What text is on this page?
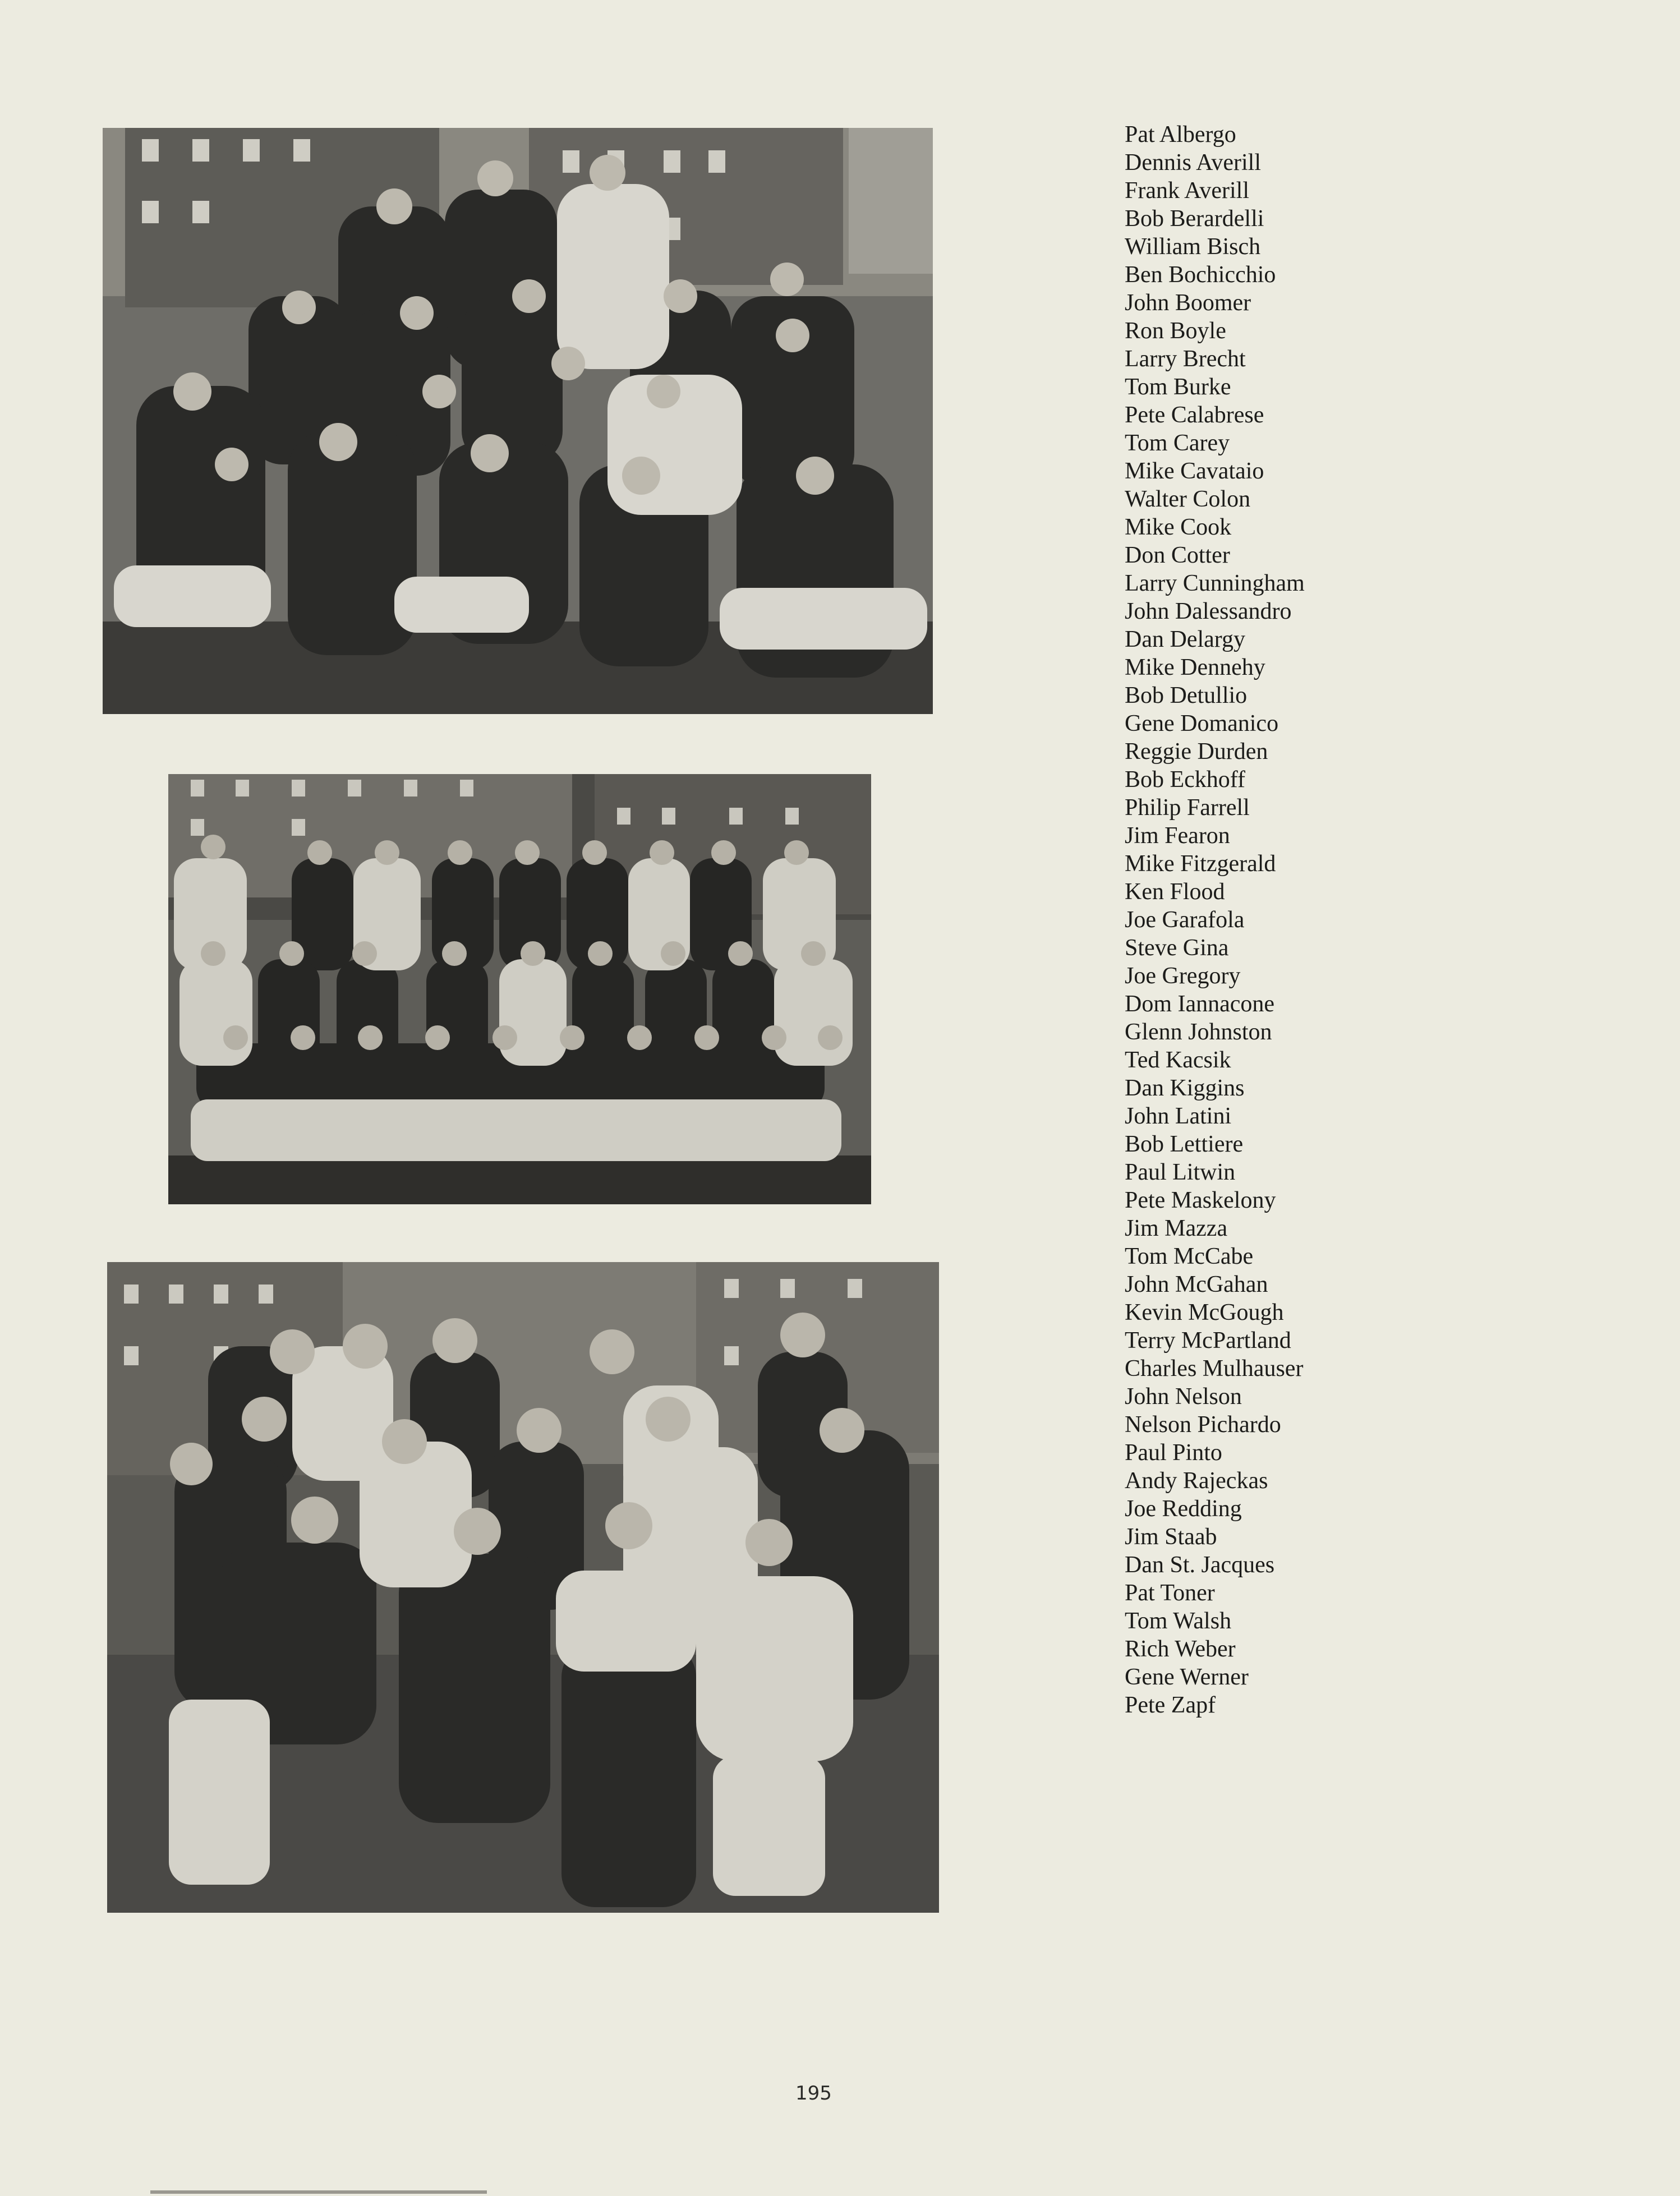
Pat Albergo
Dennis Averill
Frank Averill
Bob Berardelli
William Bisch
Ben Bochicchio
John Boomer
Ron Boyle
Larry Brecht
Tom Burke
Pete Calabrese
Tom Carey
Mike Cavataio
Walter Colon
Mike Cook
Don Cotter
Larry Cunningham
John Dalessandro
Dan Delargy
Mike Dennehy
Bob Detullio
Gene Domanico
Reggie Durden
Bob Eckhoff
Philip Farrell
Jim Fearon
Mike Fitzgerald
Ken Flood
Joe Garafola
Steve Gina
Joe Gregory
Dom Iannacone
Glenn Johnston
Ted Kacsik
Dan Kiggins
John Latini
Bob Lettiere
Paul Litwin
Pete Maskelony
Jim Mazza
Tom McCabe
John McGahan
Kevin McGough
Terry McPartland
Charles Mulhauser
John Nelson
Nelson Pichardo
Paul Pinto
Andy Rajeckas
Joe Redding
Jim Staab
Dan St. Jacques
Pat Toner
Tom Walsh
Rich Weber
Gene Werner
Pete Zapf
195
